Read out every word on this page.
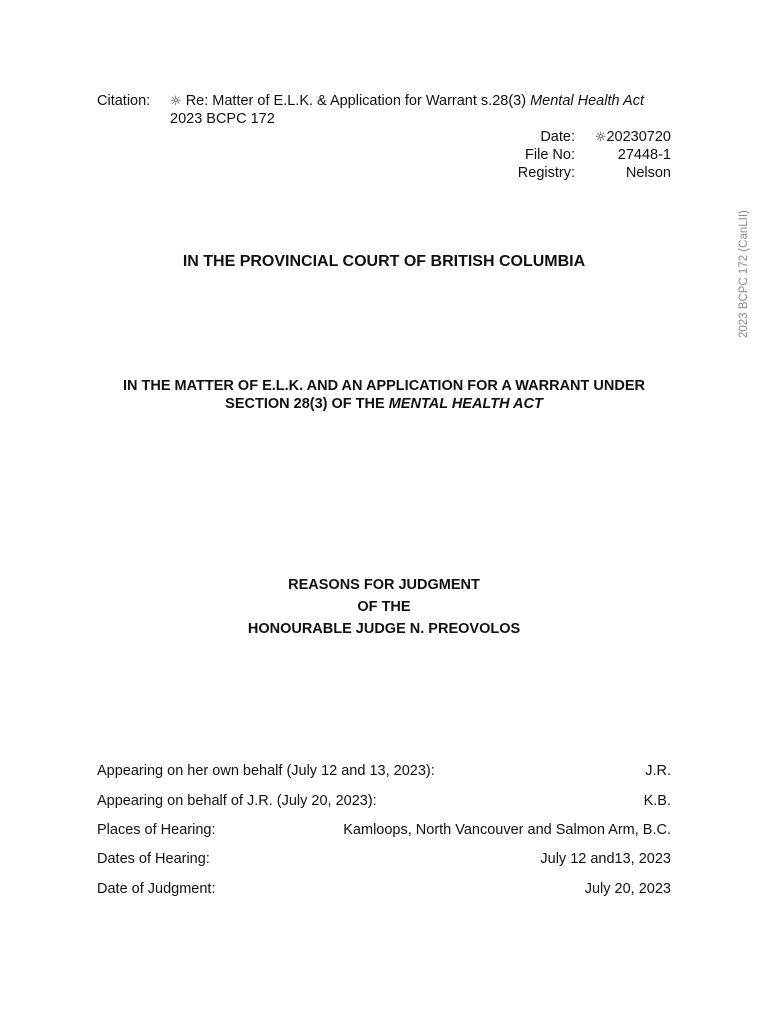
Citation: ☼ Re: Matter of E.L.K. & Application for Warrant s.28(3) Mental Health Act
2023 BCPC 172
Date: ☼20230720
File No:	27448-1
Registry:	Nelson
2023 BCPC 172 (CanLII)
IN THE PROVINCIAL COURT OF BRITISH COLUMBIA
IN THE MATTER OF E.L.K. AND AN APPLICATION FOR A WARRANT UNDER
SECTION 28(3) OF THE MENTAL HEALTH ACT
REASONS FOR JUDGMENT
OF THE
HONOURABLE JUDGE N. PREOVOLOS
Appearing on her own behalf (July 12 and 13, 2023):	J.R.
Appearing on behalf of J.R. (July 20, 2023):	K.B.
Places of Hearing:	Kamloops, North Vancouver and Salmon Arm, B.C.
Dates of Hearing:	July 12 and13, 2023
Date of Judgment:	July 20, 2023
